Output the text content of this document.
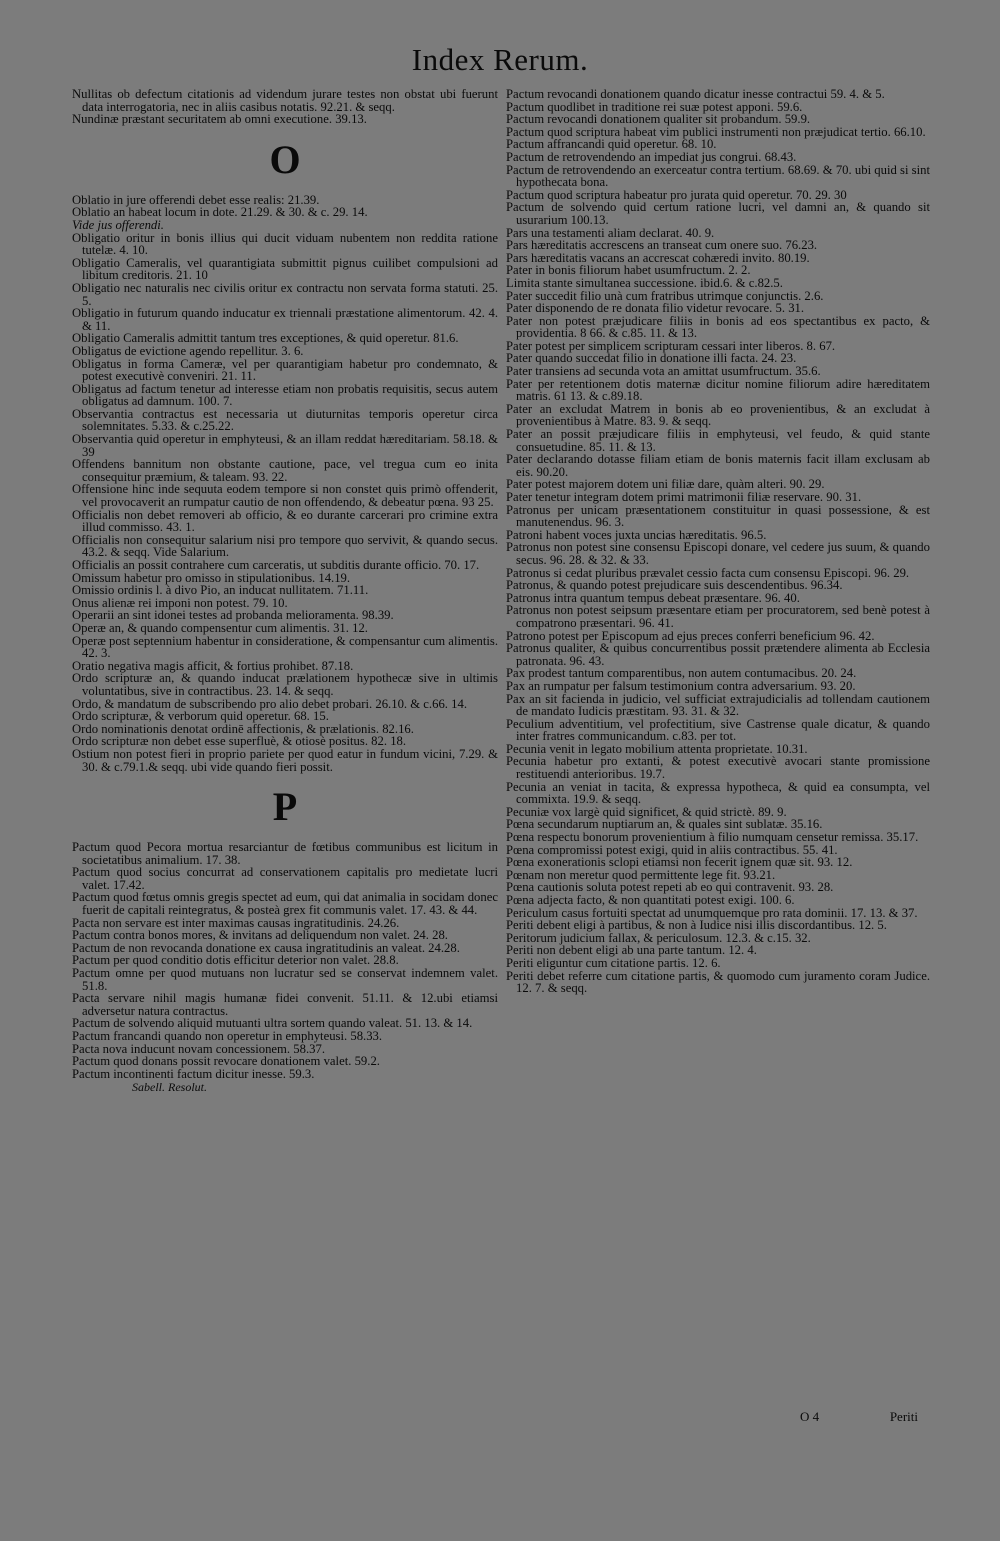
Index Rerum.

Nullitas ob defectum citationis ad videndum jurare testes non obstat ubi fuerunt data interrogatoria, nec in aliis casibus notatis. 92.21. & seqq.

Nundinæ præstant securitatem ab omni executione. 39.13.

O

Oblatio in jure offerendi debet esse realis: 21.39.

Oblatio an habeat locum in dote. 21.29. & 30. & c. 29. 14.

Vide jus offerendi.

Obligatio oritur in bonis illius qui ducit viduam nubentem non reddita ratione tutelæ. 4. 10.

Obligatio Cameralis, vel quarantigiata submittit pignus cuilibet compulsioni ad libitum creditoris. 21. 10

Obligatio nec naturalis nec civilis oritur ex contractu non servata forma statuti. 25. 5.

Obligatio in futurum quando inducatur ex triennali præstatione alimentorum. 42. 4. & 11.

Obligatio Cameralis admittit tantum tres exceptiones, & quid operetur. 81.6.

Obligatus de evictione agendo repellitur. 3. 6.

Obligatus in forma Cameræ, vel per quarantigiam habetur pro condemnato, & potest executivè conveniri. 21. 11.

Obligatus ad factum tenetur ad interesse etiam non probatis requisitis, secus autem obligatus ad damnum. 100. 7.

Observantia contractus est necessaria ut diuturnitas temporis operetur circa solemnitates. 5.33. & c.25.22.

Observantia quid operetur in emphyteusi, & an illam reddat hæreditariam. 58.18. & 39

Offendens bannitum non obstante cautione, pace, vel tregua cum eo inita consequitur præmium, & taleam. 93. 22.

Offensione hinc inde sequuta eodem tempore si non constet quis primò offenderit, vel provocaverit an rumpatur cautio de non offendendo, & debeatur pœna. 93 25.

Officialis non debet removeri ab officio, & eo durante carcerari pro crimine extra illud commisso. 43. 1.

Officialis non consequitur salarium nisi pro tempore quo servivit, & quando secus. 43.2. & seqq. Vide Salarium.

Officialis an possit contrahere cum carceratis, ut subditis durante officio. 70. 17.

Omissum habetur pro omisso in stipulationibus. 14.19.

Omissio ordinis l. à divo Pio, an inducat nullitatem. 71.11.

Onus alienæ rei imponi non potest. 79. 10.

Operarii an sint idonei testes ad probanda melioramenta. 98.39.

Operæ an, & quando compensentur cum alimentis. 31. 12.

Operæ post septennium habentur in consideratione, & compensantur cum alimentis. 42. 3.

Oratio negativa magis afficit, & fortius prohibet. 87.18.

Ordo scripturæ an, & quando inducat prælationem hypothecæ sive in ultimis voluntatibus, sive in contractibus. 23. 14. & seqq.

Ordo, & mandatum de subscribendo pro alio debet probari. 26.10. & c.66. 14.

Ordo scripturæ, & verborum quid operetur. 68. 15.

Ordo nominationis denotat ordinē affectionis, & prælationis. 82.16.

Ordo scripturæ non debet esse superfluè, & otiosè positus. 82. 18.

Ostium non potest fieri in proprio pariete per quod eatur in fundum vicini, 7.29. & 30. & c.79.1.& seqq. ubi vide quando fieri possit.

P

Pactum quod Pecora mortua resarciantur de fœtibus communibus est licitum in societatibus animalium. 17. 38.

Pactum quod socius concurrat ad conservationem capitalis pro medietate lucri valet. 17.42.

Pactum quod fœtus omnis gregis spectet ad eum, qui dat animalia in socidam donec fuerit de capitali reintegratus, & posteà grex fit communis valet. 17. 43. & 44.

Pacta non servare est inter maximas causas ingratitudinis. 24.26.

Pactum contra bonos mores, & invitans ad deliquendum non valet. 24. 28.

Pactum de non revocanda donatione ex causa ingratitudinis an valeat. 24.28.

Pactum per quod conditio dotis efficitur deterior non valet. 28.8.

Pactum omne per quod mutuans non lucratur sed se conservat indemnem valet. 51.8.

Pacta servare nihil magis humanæ fidei convenit. 51.11. & 12.ubi etiamsi adversetur natura contractus.

Pactum de solvendo aliquid mutuanti ultra sortem quando valeat. 51. 13. & 14.

Pactum francandi quando non operetur in emphyteusi. 58.33.

Pacta nova inducunt novam concessionem. 58.37.

Pactum quod donans possit revocare donationem valet. 59.2.

Pactum incontinenti factum dicitur inesse. 59.3.

Sabell. Resolut.

Pactum revocandi donationem quando dicatur inesse contractui 59. 4. & 5.

Pactum quodlibet in traditione rei suæ potest apponi. 59.6.

Pactum revocandi donationem qualiter sit probandum. 59.9.

Pactum quod scriptura habeat vim publici instrumenti non præjudicat tertio. 66.10.

Pactum affrancandi quid operetur. 68. 10.

Pactum de retrovendendo an impediat jus congrui. 68.43.

Pactum de retrovendendo an exerceatur contra tertium. 68.69. & 70. ubi quid si sint hypothecata bona.

Pactum quod scriptura habeatur pro jurata quid operetur. 70. 29. 30

Pactum de solvendo quid certum ratione lucri, vel damni an, & quando sit usurarium 100.13.

Pars una testamenti aliam declarat. 40. 9.

Pars hæreditatis accrescens an transeat cum onere suo. 76.23.

Pars hæreditatis vacans an accrescat cohæredi invito. 80.19.

Pater in bonis filiorum habet usumfructum. 2. 2.

Limita stante simultanea successione. ibid.6. & c.82.5.

Pater succedit filio unà cum fratribus utrimque conjunctis. 2.6.

Pater disponendo de re donata filio videtur revocare. 5. 31.

Pater non potest præjudicare filiis in bonis ad eos spectantibus ex pacto, & providentia. 8 66. & c.85. 11. & 13.

Pater potest per simplicem scripturam cessari inter liberos. 8. 67.

Pater quando succedat filio in donatione illi facta. 24. 23.

Pater transiens ad secunda vota an amittat usumfructum. 35.6.

Pater per retentionem dotis maternæ dicitur nomine filiorum adire hæreditatem matris. 61 13. & c.89.18.

Pater an excludat Matrem in bonis ab eo provenientibus, & an excludat à provenientibus à Matre. 83. 9. & seqq.

Pater an possit præjudicare filiis in emphyteusi, vel feudo, & quid stante consuetudine. 85. 11. & 13.

Pater declarando dotasse filiam etiam de bonis maternis facit illam exclusam ab eis. 90.20.

Pater potest majorem dotem uni filiæ dare, quàm alteri. 90. 29.

Pater tenetur integram dotem primi matrimonii filiæ reservare. 90. 31.

Patronus per unicam præsentationem constituitur in quasi possessione, & est manutenendus. 96. 3.

Patroni habent voces juxta uncias hæreditatis. 96.5.

Patronus non potest sine consensu Episcopi donare, vel cedere jus suum, & quando secus. 96. 28. & 32. & 33.

Patronus si cedat pluribus prævalet cessio facta cum consensu Episcopi. 96. 29.

Patronus, & quando potest prejudicare suis descendentibus. 96.34.

Patronus intra quantum tempus debeat præsentare. 96. 40.

Patronus non potest seipsum præsentare etiam per procuratorem, sed benè potest à compatrono præsentari. 96. 41.

Patrono potest per Episcopum ad ejus preces conferri beneficium 96. 42.

Patronus qualiter, & quibus concurrentibus possit prætendere alimenta ab Ecclesia patronata. 96. 43.

Pax prodest tantum comparentibus, non autem contumacibus. 20. 24.

Pax an rumpatur per falsum testimonium contra adversarium. 93. 20.

Pax an sit facienda in judicio, vel sufficiat extrajudicialis ad tollendam cautionem de mandato Iudicis præstitam. 93. 31. & 32.

Peculium adventitium, vel profectitium, sive Castrense quale dicatur, & quando inter fratres communicandum. c.83. per tot.

Pecunia venit in legato mobilium attenta proprietate. 10.31.

Pecunia habetur pro extanti, & potest executivè avocari stante promissione restituendi anterioribus. 19.7.

Pecunia an veniat in tacita, & expressa hypotheca, & quid ea consumpta, vel commixta. 19.9. & seqq.

Pecuniæ vox largè quid significet, & quid strictè. 89. 9.

Pœna secundarum nuptiarum an, & quales sint sublatæ. 35.16.

Pœna respectu bonorum provenientium à filio numquam censetur remissa. 35.17.

Pœna compromissi potest exigi, quid in aliis contractibus. 55. 41.

Pœna exonerationis sclopi etiamsi non fecerit ignem quæ sit. 93. 12.

Pœnam non meretur quod permittente lege fit. 93.21.

Pœna cautionis soluta potest repeti ab eo qui contravenit. 93. 28.

Pœna adjecta facto, & non quantitati potest exigi. 100. 6.

Periculum casus fortuiti spectat ad unumquemque pro rata dominii. 17. 13. & 37.

Periti debent eligi à partibus, & non à Iudice nisi illis discordantibus. 12. 5.

Peritorum judicium fallax, & periculosum. 12.3. & c.15. 32.

Periti non debent eligi ab una parte tantum. 12. 4.

Periti eliguntur cum citatione partis. 12. 6.

Periti debet referre cum citatione partis, & quomodo cum juramento coram Judice. 12. 7. & seqq.

O 4	Periti
